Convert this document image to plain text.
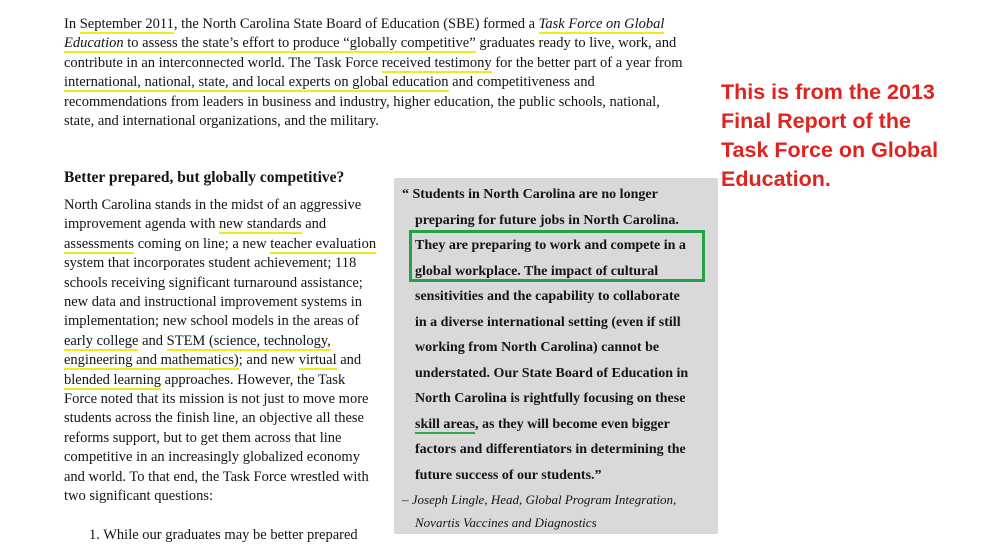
In September 2011, the North Carolina State Board of Education (SBE) formed a Task Force on Global
Education to assess the state’s effort to produce “globally competitive” graduates ready to live, work, and
contribute in an interconnected world. The Task Force received testimony for the better part of a year from
international, national, state, and local experts on global education and competitiveness and
recommendations from leaders in business and industry, higher education, the public schools, national,
state, and international organizations, and the military.
Better prepared, but globally competitive?
North Carolina stands in the midst of an aggressive
improvement agenda with new standards and
assessments coming on line; a new teacher evaluation
system that incorporates student achievement; 118
schools receiving significant turnaround assistance;
new data and instructional improvement systems in
implementation; new school models in the areas of
early college and STEM (science, technology,
engineering and mathematics); and new virtual and
blended learning approaches. However, the Task
Force noted that its mission is not just to move more
students across the finish line, an objective all these
reforms support, but to get them across that line
competitive in an increasingly globalized economy
and world. To that end, the Task Force wrestled with
two significant questions:
1. While our graduates may be better prepared
“ Students in North Carolina are no longer
preparing for future jobs in North Carolina.
They are preparing to work and compete in a
global workplace. The impact of cultural
sensitivities and the capability to collaborate
in a diverse international setting (even if still
working from North Carolina) cannot be
understated. Our State Board of Education in
North Carolina is rightfully focusing on these
skill areas, as they will become even bigger
factors and differentiators in determining the
future success of our students.”
– Joseph Lingle, Head, Global Program Integration,
Novartis Vaccines and Diagnostics
This is from the 2013
Final Report of the
Task Force on Global
Education.
